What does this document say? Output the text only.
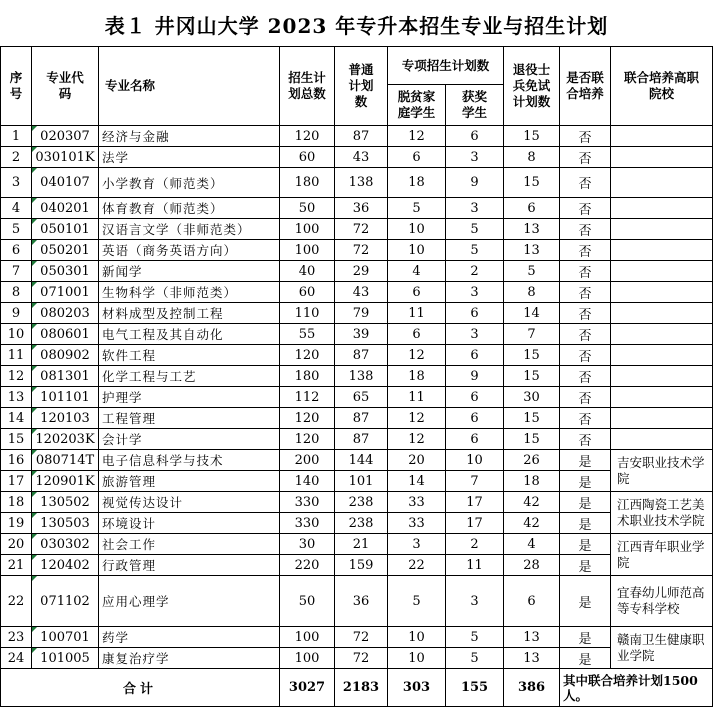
表１ 井冈山大学 2023 年专升本招生专业与招生计划
序号	专业代码	专业名称	招生计划总数	普通计划数	专项招生计划数		退役士兵免试计划数	是否联合培养	联合培养高职院校
					脱贫家庭学生	获奖学生			
1	020307	经济与金融	120	87	12	6	15	否	
2	030101K	法学	60	43	6	3	8	否	
3	040107	小学教育（师范类）	180	138	18	9	15	否	
4	040201	体育教育（师范类）	50	36	5	3	6	否	
5	050101	汉语言文学（非师范类）	100	72	10	5	13	否	
6	050201	英语（商务英语方向）	100	72	10	5	13	否	
7	050301	新闻学	40	29	4	2	5	否	
8	071001	生物科学（非师范类）	60	43	6	3	8	否	
9	080203	材料成型及控制工程	110	79	11	6	14	否	
10	080601	电气工程及其自动化	55	39	6	3	7	否	
11	080902	软件工程	120	87	12	6	15	否	
12	081301	化学工程与工艺	180	138	18	9	15	否	
13	101101	护理学	112	65	11	6	30	否	
14	120103	工程管理	120	87	12	6	15	否	
15	120203K	会计学	120	87	12	6	15	否	
16	080714T	电子信息科学与技术	200	144	20	10	26	是	吉安职业技术学院
17	120901K	旅游管理	140	101	14	7	18	是	
18	130502	视觉传达设计	330	238	33	17	42	是	江西陶瓷工艺美术职业技术学院
19	130503	环境设计	330	238	33	17	42	是	
20	030302	社会工作	30	21	3	2	4	是	江西青年职业学院
21	120402	行政管理	220	159	22	11	28	是	
22	071102	应用心理学	50	36	5	3	6	是	宜春幼儿师范高等专科学校
23	100701	药学	100	72	10	5	13	是	赣南卫生健康职业学院
24	101005	康复治疗学	100	72	10	5	13	是	
合计			3027	2183	303	155	386	其中联合培养计划1500人。	
